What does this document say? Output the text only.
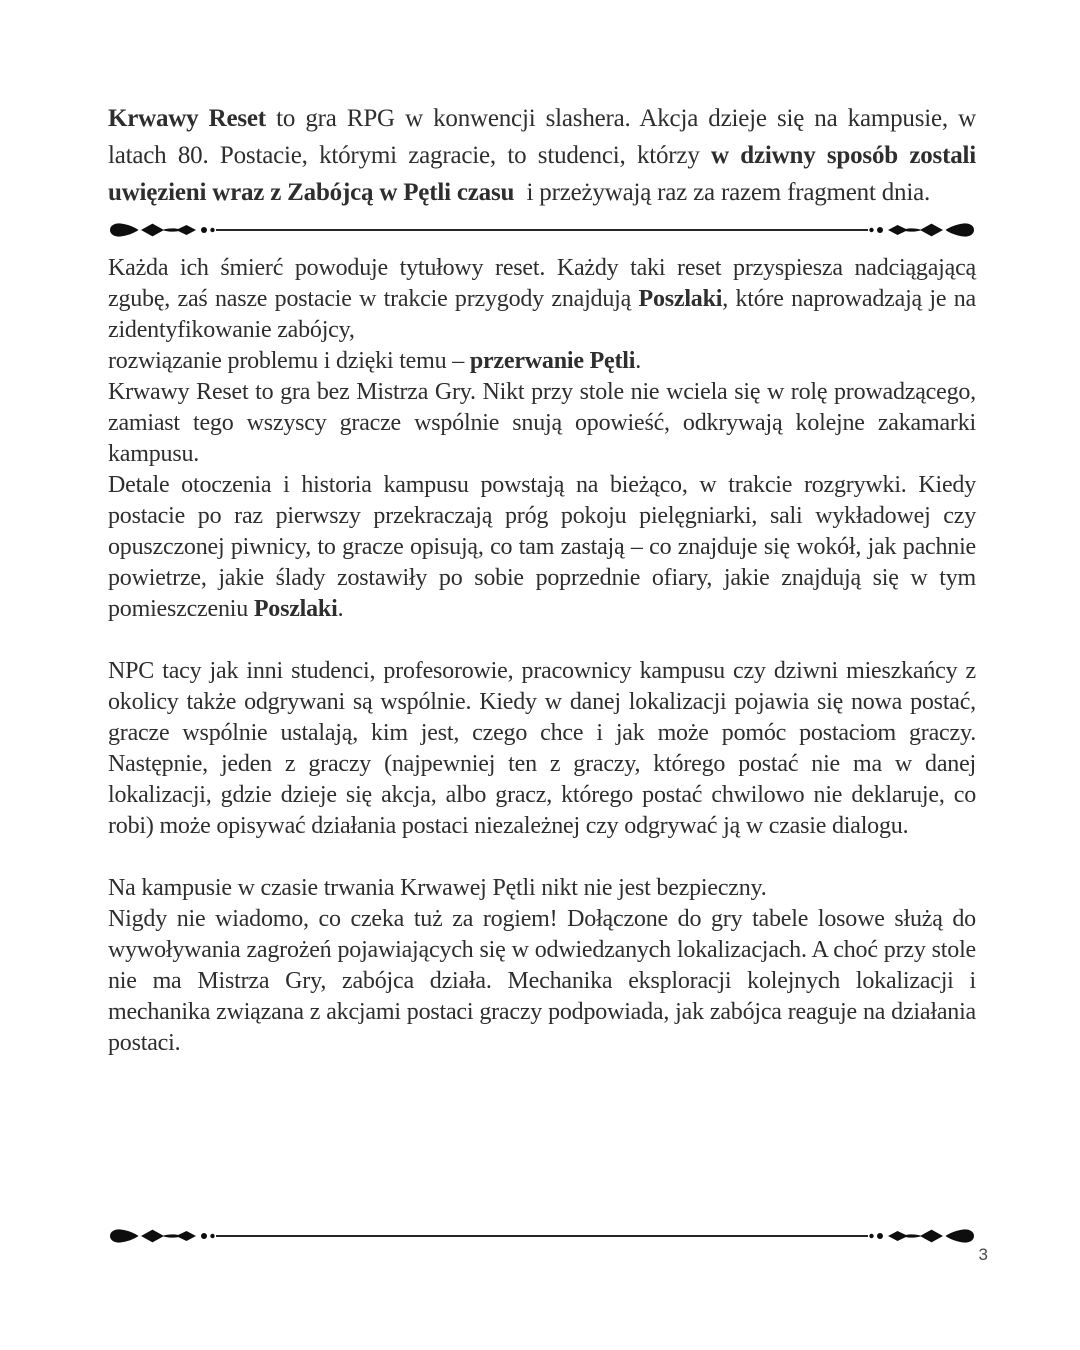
Krwawy Reset to gra RPG w konwencji slashera. Akcja dzieje się na kampusie, w latach 80. Postacie, którymi zagracie, to studenci, którzy w dziwny sposób zostali uwięzieni wraz z Zabójcą w Pętli czasu i przeżywają raz za razem fragment dnia.

Każda ich śmierć powoduje tytułowy reset. Każdy taki reset przyspiesza nadciągającą zgubę, zaś nasze postacie w trakcie przygody znajdują Poszlaki, które naprowadzają je na zidentyfikowanie zabójcy,

rozwiązanie problemu i dzięki temu – przerwanie Pętli.

Krwawy Reset to gra bez Mistrza Gry. Nikt przy stole nie wciela się w rolę prowadzącego, zamiast tego wszyscy gracze wspólnie snują opowieść, odkrywają kolejne zakamarki kampusu.

Detale otoczenia i historia kampusu powstają na bieżąco, w trakcie rozgrywki. Kiedy postacie po raz pierwszy przekraczają próg pokoju pielęgniarki, sali wykładowej czy opuszczonej piwnicy, to gracze opisują, co tam zastają – co znajduje się wokół, jak pachnie powietrze, jakie ślady zostawiły po sobie poprzednie ofiary, jakie znajdują się w tym pomieszczeniu Poszlaki.

NPC tacy jak inni studenci, profesorowie, pracownicy kampusu czy dziwni mieszkańcy z okolicy także odgrywani są wspólnie. Kiedy w danej lokalizacji pojawia się nowa postać, gracze wspólnie ustalają, kim jest, czego chce i jak może pomóc postaciom graczy. Następnie, jeden z graczy (najpewniej ten z graczy, którego postać nie ma w danej lokalizacji, gdzie dzieje się akcja, albo gracz, którego postać chwilowo nie deklaruje, co robi) może opisywać działania postaci niezależnej czy odgrywać ją w czasie dialogu.

Na kampusie w czasie trwania Krwawej Pętli nikt nie jest bezpieczny.

Nigdy nie wiadomo, co czeka tuż za rogiem! Dołączone do gry tabele losowe służą do wywoływania zagrożeń pojawiających się w odwiedzanych lokalizacjach. A choć przy stole nie ma Mistrza Gry, zabójca działa. Mechanika eksploracji kolejnych lokalizacji i mechanika związana z akcjami postaci graczy podpowiada, jak zabójca reaguje na działania postaci.

3
